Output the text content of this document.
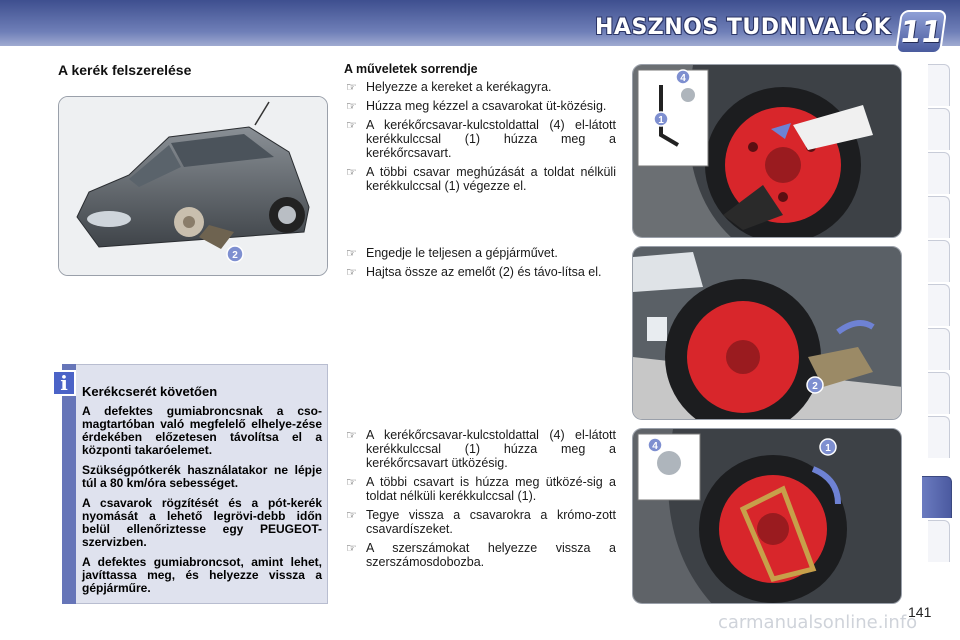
HASZNOS TUDNIVALÓK 11
A kerék felszerelése
2
i	Kerékcserét követően

A defektes gumiabroncsnak a cso-magtartóban való megfelelő elhelye-zése érdekében előzetesen távolítsa el a központi takaróelemet.

Szükségpótkerék használatakor ne lépje túl a 80 km/óra sebességet.

A csavarok rögzítését és a pót-kerék nyomását a lehető legrövi-debb időn belül ellenőriztesse egy PEUGEOT-szervizben.

A defektes gumiabroncsot, amint lehet, javíttassa meg, és helyezze vissza a gépjárműre.

A műveletek sorrendje
☞ Helyezze a kereket a kerékagyra.
☞ Húzza meg kézzel a csavarokat üt-közésig.
☞ A kerékőrcsavar-kulcstoldattal (4) el-látott kerékkulccsal (1) húzza meg a kerékőrcsavart.
☞ A többi csavar meghúzását a toldat nélküli kerékkulccsal (1) végezze el.
☞ Engedje le teljesen a gépjárművet.
☞ Hajtsa össze az emelőt (2) és távo-lítsa el.
☞ A kerékőrcsavar-kulcstoldattal (4) el-látott kerékkulccsal (1) húzza meg a kerékőrcsavart ütközésig.
☞ A többi csavart is húzza meg ütközé-sig a toldat nélküli kerékkulccsal (1).
☞ Tegye vissza a csavarokra a krómo-zott csavardíszeket.
☞ A szerszámokat helyezze vissza a szerszámosdobozba.
4
1
2
4	1
carmanualsonline.info
141
